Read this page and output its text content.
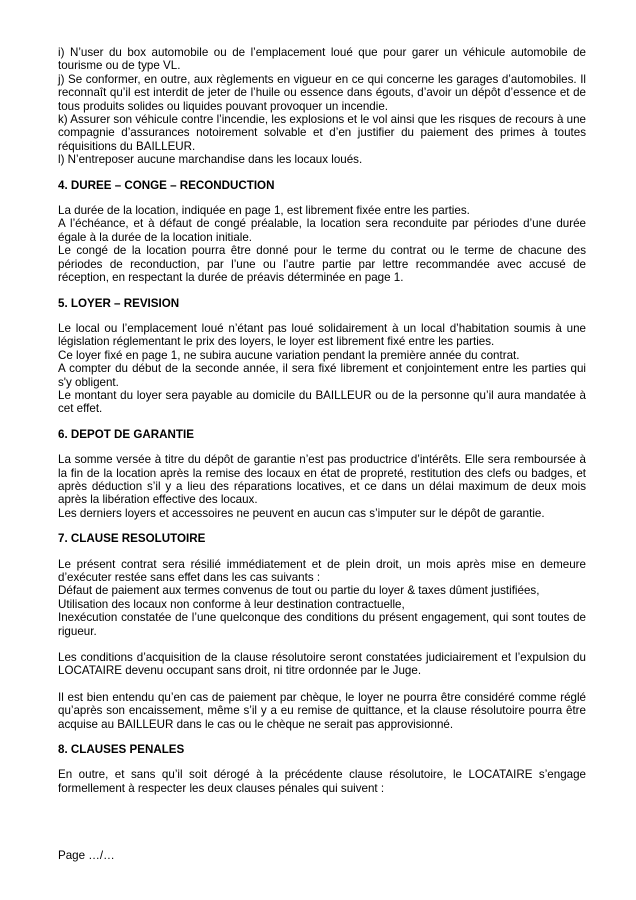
i) N’user du box automobile ou de l’emplacement loué que pour garer un véhicule automobile de tourisme ou de type VL.
j) Se conformer, en outre, aux règlements en vigueur en ce qui concerne les garages d’automobiles. Il reconnaît qu’il est interdit de jeter de l’huile ou essence dans égouts, d’avoir un dépôt d’essence et de tous produits solides ou liquides pouvant provoquer un incendie.
k) Assurer son véhicule contre l’incendie, les explosions et le vol ainsi que les risques de recours à une compagnie d’assurances notoirement solvable et d’en justifier du paiement des primes à toutes réquisitions du BAILLEUR.
l) N’entreposer aucune marchandise dans les locaux loués.
4. DUREE – CONGE – RECONDUCTION
La durée de la location, indiquée en page 1, est librement fixée entre les parties.
A l’échéance, et à défaut de congé préalable, la location sera reconduite par périodes d’une durée égale à la durée de la location initiale.
Le congé de la location pourra être donné pour le terme du contrat ou le terme de chacune des périodes de reconduction, par l’une ou l’autre partie par lettre recommandée avec accusé de réception, en respectant la durée de préavis déterminée en page 1.
5. LOYER – REVISION
Le local ou l’emplacement loué n’étant pas loué solidairement à un local d’habitation soumis à une législation réglementant le prix des loyers, le loyer est librement fixé entre les parties.
Ce loyer fixé en page 1, ne subira aucune variation pendant la première année du contrat.
A compter du début de la seconde année, il sera fixé librement et conjointement entre les parties qui s'y obligent.
Le montant du loyer sera payable au domicile du BAILLEUR ou de la personne qu’il aura mandatée à cet effet.
6. DEPOT DE GARANTIE
La somme versée à titre du dépôt de garantie n’est pas productrice d’intérêts. Elle sera remboursée à la fin de la location après la remise des locaux en état de propreté, restitution des clefs ou badges, et après déduction s’il y a lieu des réparations locatives, et ce dans un délai maximum de deux mois après la libération effective des locaux.
Les derniers loyers et accessoires ne peuvent en aucun cas s’imputer sur le dépôt de garantie.
7. CLAUSE RESOLUTOIRE
Le présent contrat sera résilié immédiatement et de plein droit, un mois après mise en demeure d’exécuter restée sans effet dans les cas suivants :
Défaut de paiement aux termes convenus de tout ou partie du loyer & taxes dûment justifiées,
Utilisation des locaux non conforme à leur destination contractuelle,
Inexécution constatée de l’une quelconque des conditions du présent engagement, qui sont toutes de rigueur.
Les conditions d’acquisition de la clause résolutoire seront constatées judiciairement et l’expulsion du LOCATAIRE devenu occupant sans droit, ni titre ordonnée par le Juge.
Il est bien entendu qu’en cas de paiement par chèque, le loyer ne pourra être considéré comme réglé qu’après son encaissement, même s’il y a eu remise de quittance, et la clause résolutoire pourra être acquise au BAILLEUR dans le cas ou le chèque ne serait pas approvisionné.
8. CLAUSES PENALES
En outre, et sans qu’il soit dérogé à la précédente clause résolutoire, le LOCATAIRE s’engage formellement à respecter les deux clauses pénales qui suivent :
Page …/…
